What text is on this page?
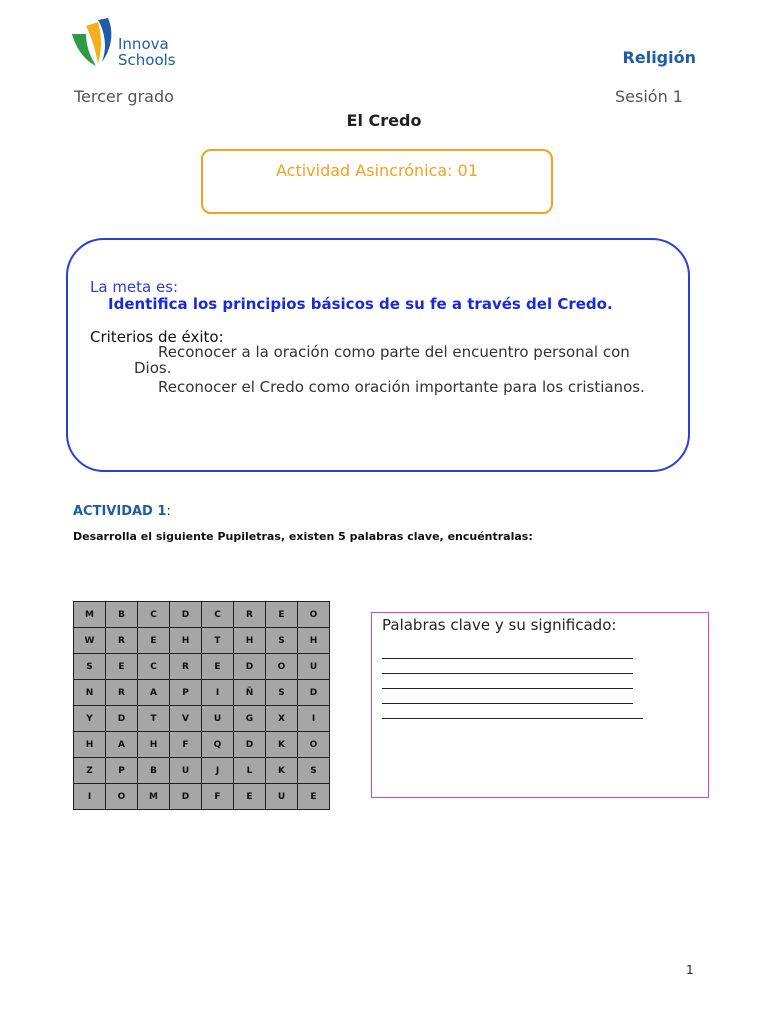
Innova
Schools	Religión
Tercer grado	Sesión 1
El Credo
Actividad Asincrónica: 01
La meta es:
Identifica los principios básicos de su fe a través del Credo.
Criterios de éxito:
Reconocer a la oración como parte del encuentro personal con Dios.
Reconocer el Credo como oración importante para los cristianos.
ACTIVIDAD 1:
Desarrolla el siguiente Pupiletras, existen 5 palabras clave, encuéntralas:
M	B	C	D	C	R	E	O
W	R	E	H	T	H	S	H
S	E	C	R	E	D	O	U
N	R	A	P	I	Ñ	S	D
Y	D	T	V	U	G	X	I
H	A	H	F	Q	D	K	O
Z	P	B	U	J	L	K	S
I	O	M	D	F	E	U	E
Palabras clave y su significado:
1
